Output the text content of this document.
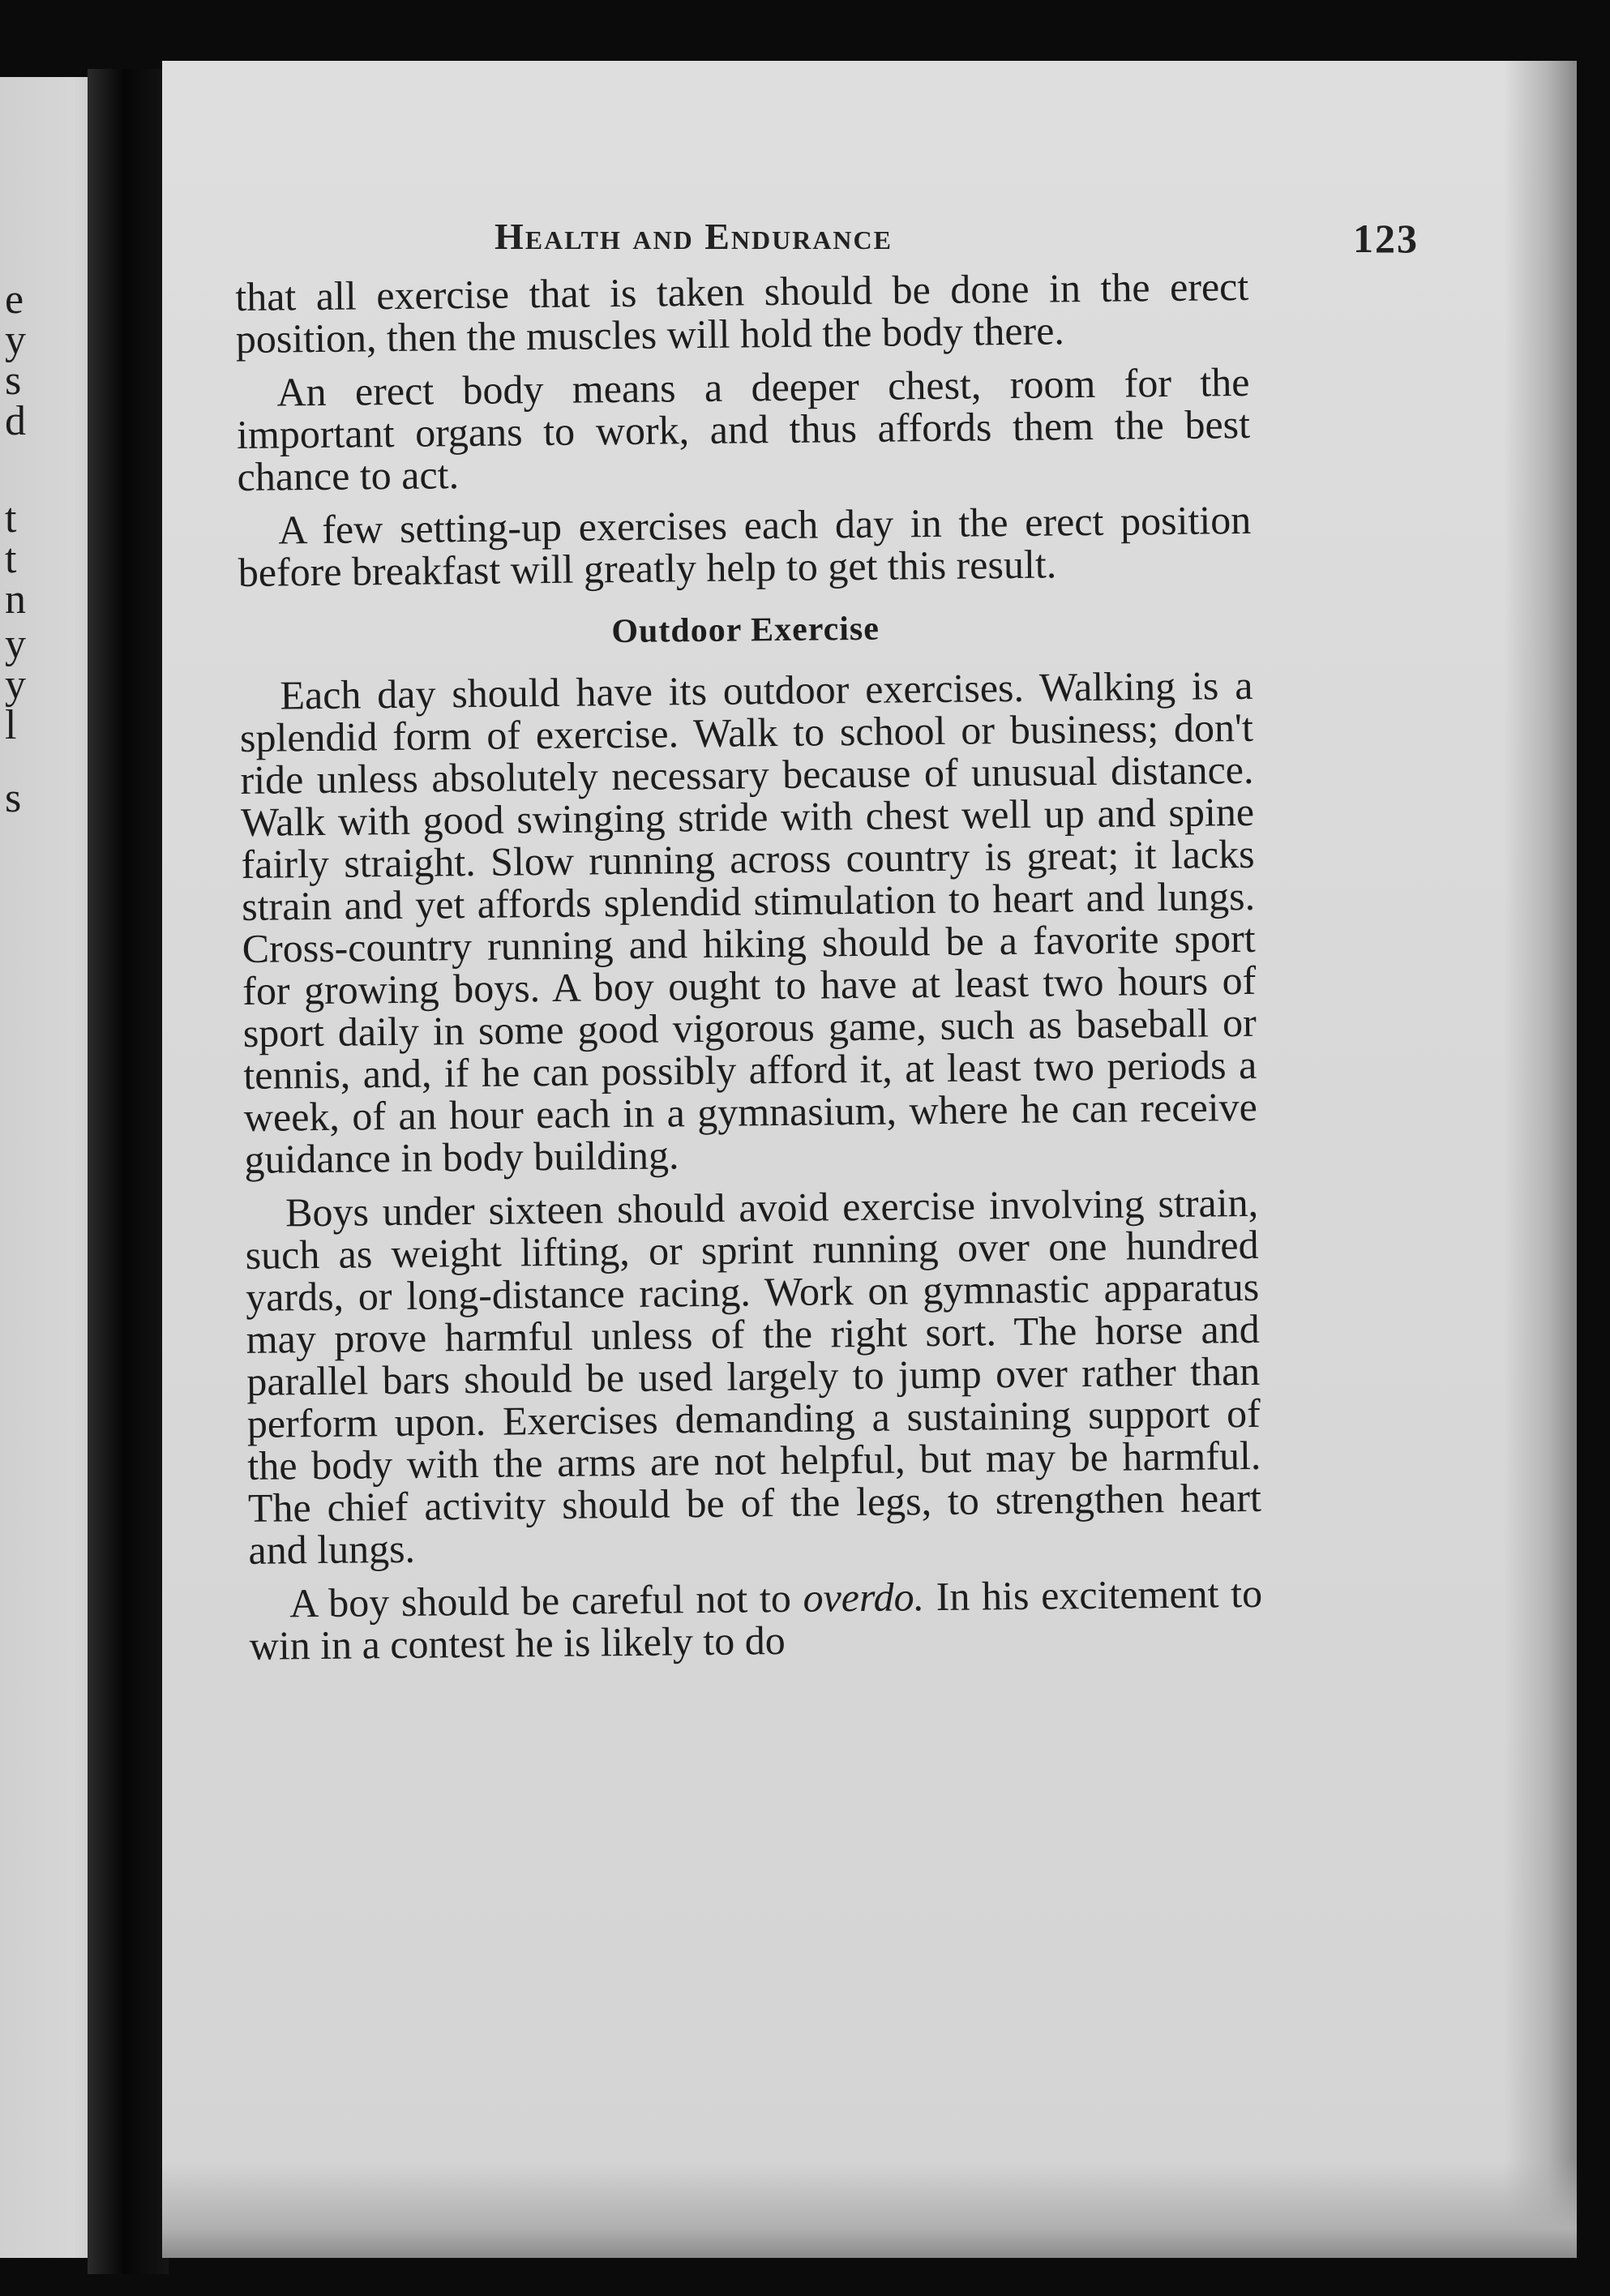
e
y
s
d
t
t
n
y
y
l
s
Health and Endurance	123

that all exercise that is taken should be done in the erect position, then the muscles will hold the body there.

An erect body means a deeper chest, room for the important organs to work, and thus affords them the best chance to act.

A few setting-up exercises each day in the erect position before breakfast will greatly help to get this result.

Outdoor Exercise

Each day should have its outdoor exercises. Walking is a splendid form of exercise. Walk to school or business; don't ride unless absolutely necessary because of unusual distance. Walk with good swinging stride with chest well up and spine fairly straight. Slow running across country is great; it lacks strain and yet affords splendid stimulation to heart and lungs. Cross-country running and hiking should be a favorite sport for growing boys. A boy ought to have at least two hours of sport daily in some good vigorous game, such as baseball or tennis, and, if he can possibly afford it, at least two periods a week, of an hour each in a gymnasium, where he can receive guidance in body building.

Boys under sixteen should avoid exercise involving strain, such as weight lifting, or sprint running over one hundred yards, or long-distance racing. Work on gymnastic apparatus may prove harmful unless of the right sort. The horse and parallel bars should be used largely to jump over rather than perform upon. Exercises demanding a sustaining support of the body with the arms are not helpful, but may be harmful. The chief activity should be of the legs, to strengthen heart and lungs.

A boy should be careful not to overdo. In his excitement to win in a contest he is likely to do
